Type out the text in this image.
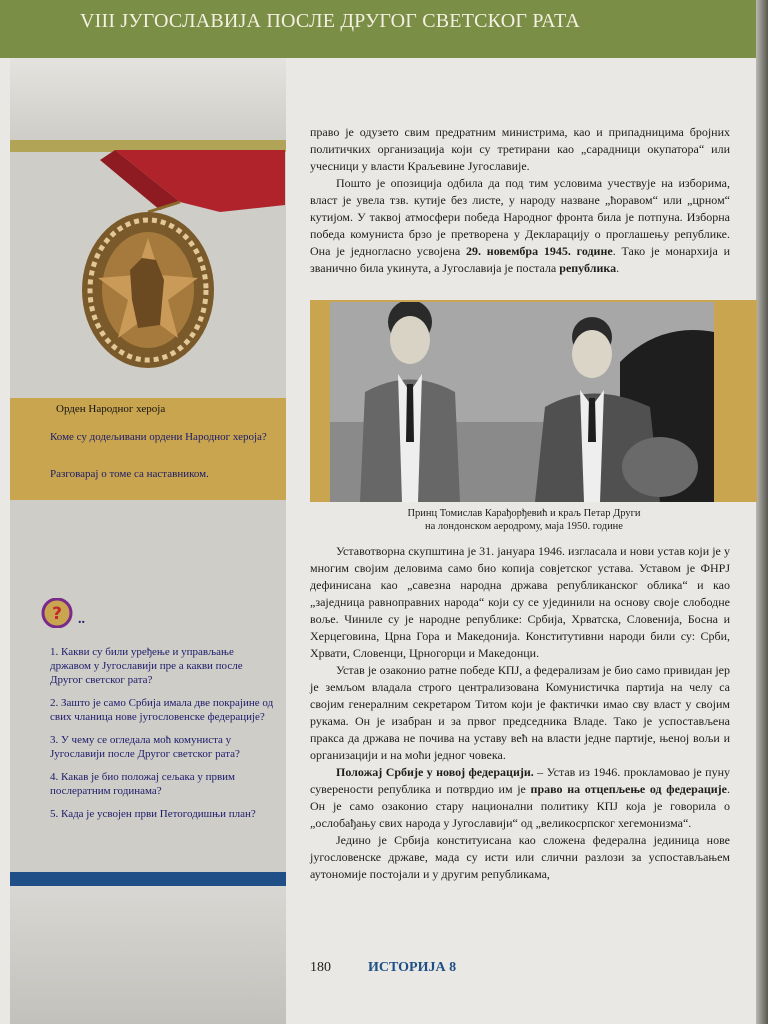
VIII ЈУГОСЛАВИЈА ПОСЛЕ ДРУГОГ СВЕТСКОГ РАТА
Орден Народног хероја
Коме су додељивани ордени Народног хероја?
Разговарај о томе са наставником.
? ..
1. Какви су били уређење и управљање државом у Југославији пре а какви после Другог светског рата?
2. Зашто је само Србија имала две покрајине од свих чланица нове југословенске федерације?
3. У чему се огледала моћ комуниста у Југославији после Другог светског рата?
4. Какав је био положај сељака у првим послератним годинама?
5. Када је усвојен први Петогодишњи план?

право је одузето свим предратним министрима, као и припадницима бројних политичких организација који су третирани као „сарадници окупатора“ или учесници у власти Краљевине Југославије.

Пошто је опозиција одбила да под тим условима учествује на изборима, власт је увела тзв. кутије без листе, у народу назване „ћоравом“ или „црном“ кутијом. У таквој атмосфери победа Народног фронта била је потпуна. Изборна победа комуниста брзо је претворена у Декларацију о проглашењу републике. Она је једногласно усвојена 29. новембра 1945. године. Тако је монархија и званично била укинута, а Југославија је постала република.

Принц Томислав Карађорђевић и краљ Петар Други
на лондонском аеродрому, маја 1950. године

Уставотворна скупштина је 31. јануара 1946. изгласала и нови устав који је у многим својим деловима само био копија совјетског устава. Уставом је ФНРЈ дефинисана као „савезна народна држава републиканског облика“ и као „заједница равноправних народа“ који су се ујединили на основу своје слободне воље. Чиниле су је народне републике: Србија, Хрватска, Словенија, Босна и Херцеговина, Црна Гора и Македонија. Конститутивни народи били су: Срби, Хрвати, Словенци, Црногорци и Македонци.

Устав је озаконио ратне победе КПЈ, а федерализам је био само привидан јер је земљом владала строго централизована Комунистичка партија на челу са својим генералним секретаром Титом који је фактички имао сву власт у својим рукама. Он је изабран и за првог председника Владе. Тако је успостављена пракса да држава не почива на уставу већ на власти једне партије, њеној вољи и организацији и на моћи једног човека.

Положај Србије у новој федерацији. – Устав из 1946. прокламовао је пуну суверености република и потврдио им је право на отцепљење од федерације. Он је само озаконио стару национални политику КПЈ која је говорила о „ослобађању свих народа у Југославији“ од „великосрпског хегемонизма“.

Једино је Србија конституисана као сложена федерална јединица нове југословенске државе, мада су исти или слични разлози за успостављањем аутономије постојали и у другим републикама,

180	ИСТОРИЈА 8
